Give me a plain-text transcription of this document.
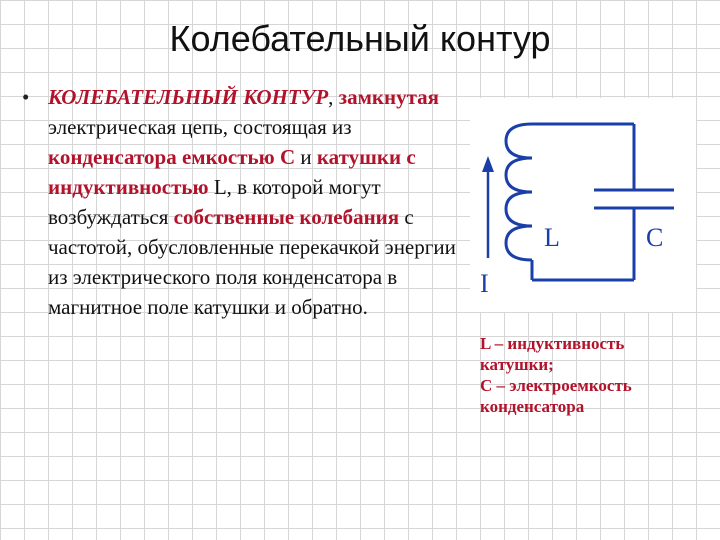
Колебательный контур
• КОЛЕБАТЕЛЬНЫЙ КОНТУР, замкнутая электрическая цепь, состоящая из конденсатора емкостью С и катушки с индуктивностью L, в которой могут возбуждаться собственные колебания с частотой, обусловленные перекачкой энергии из электрического поля конденсатора в магнитное поле катушки и обратно.
L	C
I
L – индуктивность
катушки;
С – электроемкость
конденсатора
